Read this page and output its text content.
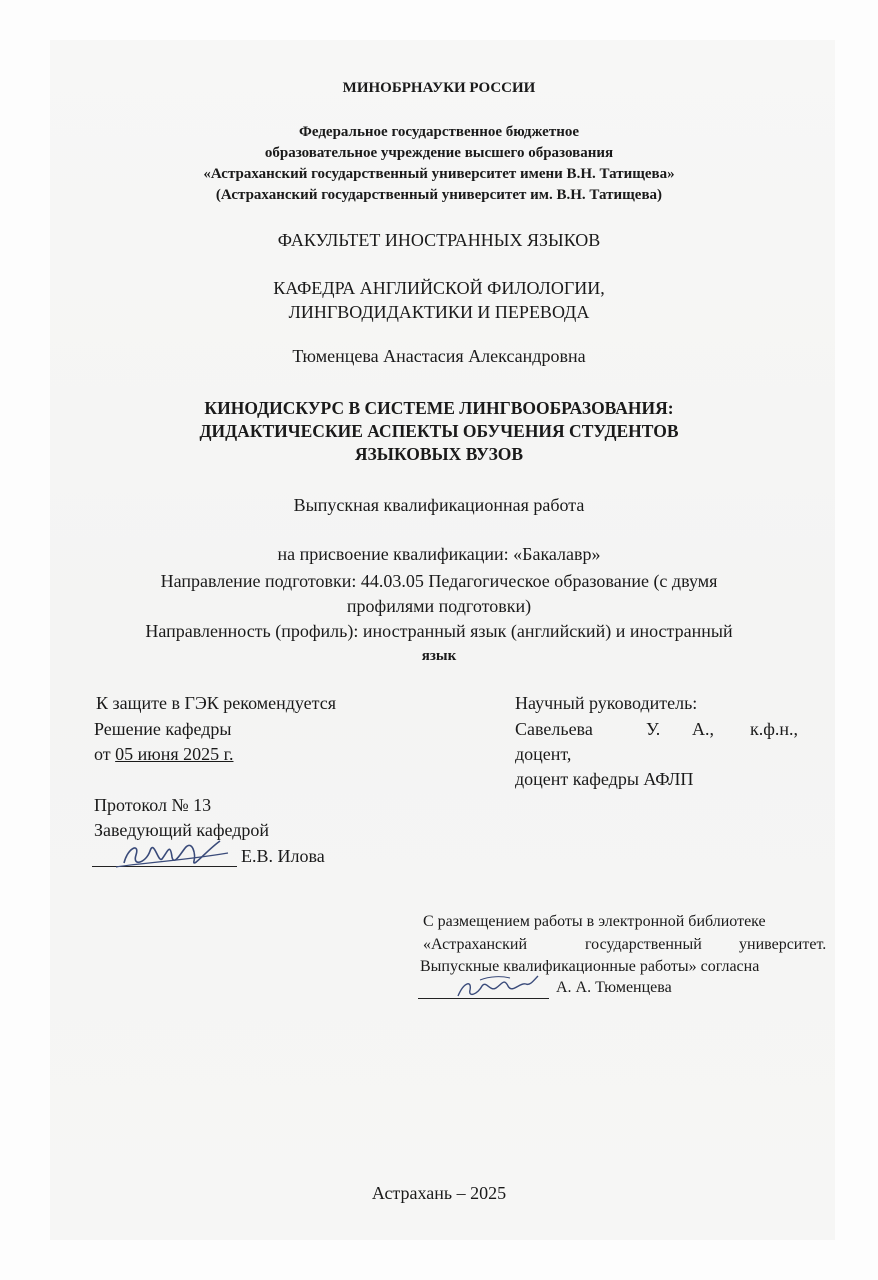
МИНОБРНАУКИ РОССИИ
Федеральное государственное бюджетное
образовательное учреждение высшего образования
«Астраханский государственный университет имени В.Н. Татищева»
(Астраханский государственный университет им. В.Н. Татищева)
ФАКУЛЬТЕТ ИНОСТРАННЫХ ЯЗЫКОВ
КАФЕДРА АНГЛИЙСКОЙ ФИЛОЛОГИИ,
ЛИНГВОДИДАКТИКИ И ПЕРЕВОДА
Тюменцева Анастасия Александровна
КИНОДИСКУРС В СИСТЕМЕ ЛИНГВООБРАЗОВАНИЯ:
ДИДАКТИЧЕСКИЕ АСПЕКТЫ ОБУЧЕНИЯ СТУДЕНТОВ
ЯЗЫКОВЫХ ВУЗОВ
Выпускная квалификационная работа
на присвоение квалификации: «Бакалавр»
Направление подготовки: 44.03.05 Педагогическое образование (с двумя
профилями подготовки)
Направленность (профиль): иностранный язык (английский) и иностранный
язык
К защите в ГЭК рекомендуется
Решение кафедры
от 05 июня 2025 г.
Протокол № 13
Заведующий кафедрой
Е.В. Илова
Научный руководитель:
Савельева	У. А., к.ф.н.,
доцент,
доцент кафедры АФЛП
С размещением работы в электронной библиотеке
«Астраханский	государственный университет.
Выпускные квалификационные работы» согласна
А. А. Тюменцева
Астрахань – 2025
